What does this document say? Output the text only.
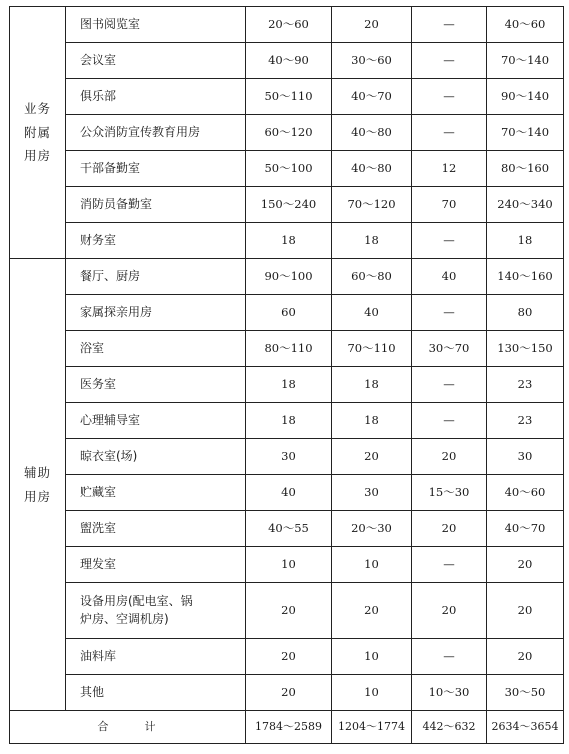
业务
附属
用房	图书阅览室	20～60	20	—	40～60
	会议室	40～90	30～60	—	70～140
	俱乐部	50～110	40～70	—	90～140
	公众消防宣传教育用房	60～120	40～80	—	70～140
	干部备勤室	50～100	40～80	12	80～160
	消防员备勤室	150～240	70～120	70	240～340
	财务室	18	18	—	18
辅助
用房	餐厅、厨房	90～100	60～80	40	140～160
	家属探亲用房	60	40	—	80
	浴室	80～110	70～110	30～70	130～150
	医务室	18	18	—	23
	心理辅导室	18	18	—	23
	晾衣室(场)	30	20	20	30
	贮藏室	40	30	15～30	40～60
	盥洗室	40～55	20～30	20	40～70
	理发室	10	10	—	20
	设备用房(配电室、锅
炉房、空调机房)	20	20	20	20
	油料库	20	10	—	20
	其他	20	10	10～30	30～50
合 计		1784～2589	1204～1774	442～632	2634～3654
